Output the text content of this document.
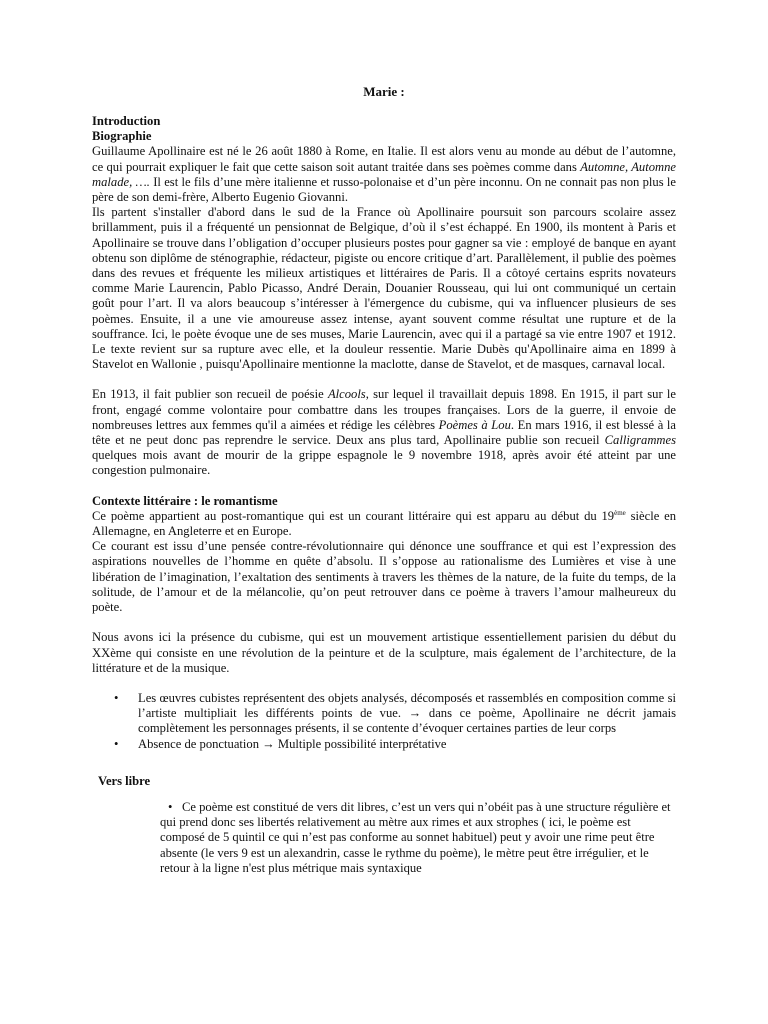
Marie :
Introduction
Biographie

Guillaume Apollinaire est né le 26 août 1880 à Rome, en Italie. Il est alors venu au monde au début de l’automne, ce qui pourrait expliquer le fait que cette saison soit autant traitée dans ses poèmes comme dans Automne, Automne malade, …. Il est le fils d’une mère italienne et russo-polonaise et d’un père inconnu. On ne connait pas non plus le père de son demi-frère, Alberto Eugenio Giovanni.

Ils partent s'installer d'abord dans le sud de la France où Apollinaire poursuit son parcours scolaire assez brillamment, puis il a fréquenté un pensionnat de Belgique, d’où il s’est échappé. En 1900, ils montent à Paris et Apollinaire se trouve dans l’obligation d’occuper plusieurs postes pour gagner sa vie : employé de banque en ayant obtenu son diplôme de sténographie, rédacteur, pigiste ou encore critique d’art. Parallèlement, il publie des poèmes dans des revues et fréquente les milieux artistiques et littéraires de Paris. Il a côtoyé certains esprits novateurs comme Marie Laurencin, Pablo Picasso, André Derain, Douanier Rousseau, qui lui ont communiqué un certain goût pour l’art. Il va alors beaucoup s’intéresser à l'émergence du cubisme, qui va influencer plusieurs de ses poèmes. Ensuite, il a une vie amoureuse assez intense, ayant souvent comme résultat une rupture et de la souffrance. Ici, le poète évoque une de ses muses, Marie Laurencin, avec qui il a partagé sa vie entre 1907 et 1912. Le texte revient sur sa rupture avec elle, et la douleur ressentie. Marie Dubès qu'Apollinaire aima en 1899 à Stavelot en Wallonie , puisqu'Apollinaire mentionne la maclotte, danse de Stavelot, et de masques, carnaval local.

En 1913, il fait publier son recueil de poésie Alcools, sur lequel il travaillait depuis 1898. En 1915, il part sur le front, engagé comme volontaire pour combattre dans les troupes françaises. Lors de la guerre, il envoie de nombreuses lettres aux femmes qu'il a aimées et rédige les célèbres Poèmes à Lou. En mars 1916, il est blessé à la tête et ne peut donc pas reprendre le service. Deux ans plus tard, Apollinaire publie son recueil Calligrammes quelques mois avant de mourir de la grippe espagnole le 9 novembre 1918, après avoir été atteint par une congestion pulmonaire.

Contexte littéraire : le romantisme

Ce poème appartient au post-romantique qui est un courant littéraire qui est apparu au début du 19ème siècle en Allemagne, en Angleterre et en Europe.

Ce courant est issu d’une pensée contre-révolutionnaire qui dénonce une souffrance et qui est l’expression des aspirations nouvelles de l’homme en quête d’absolu. Il s’oppose au rationalisme des Lumières et vise à une libération de l’imagination, l’exaltation des sentiments à travers les thèmes de la nature, de la fuite du temps, de la solitude, de l’amour et de la mélancolie, qu’on peut retrouver dans ce poème à travers l’amour malheureux du poète.

Nous avons ici la présence du cubisme, qui est un mouvement artistique essentiellement parisien du début du XXème qui consiste en une révolution de la peinture et de la sculpture, mais également de l’architecture, de la littérature et de la musique.

• Les œuvres cubistes représentent des objets analysés, décomposés et rassemblés en composition comme si l’artiste multipliait les différents points de vue. → dans ce poème, Apollinaire ne décrit jamais complètement les personnages présents, il se contente d’évoquer certaines parties de leur corps
• Absence de ponctuation → Multiple possibilité interprétative
Vers libre

• Ce poème est constitué de vers dit libres, c’est un vers qui n’obéit pas à une structure régulière et qui prend donc ses libertés relativement au mètre aux rimes et aux strophes ( ici, le poème est composé de 5 quintil ce qui n’est pas conforme au sonnet habituel) peut y avoir une rime peut être absente (le vers 9 est un alexandrin, casse le rythme du poème), le mètre peut être irrégulier, et le retour à la ligne n'est plus métrique mais syntaxique
